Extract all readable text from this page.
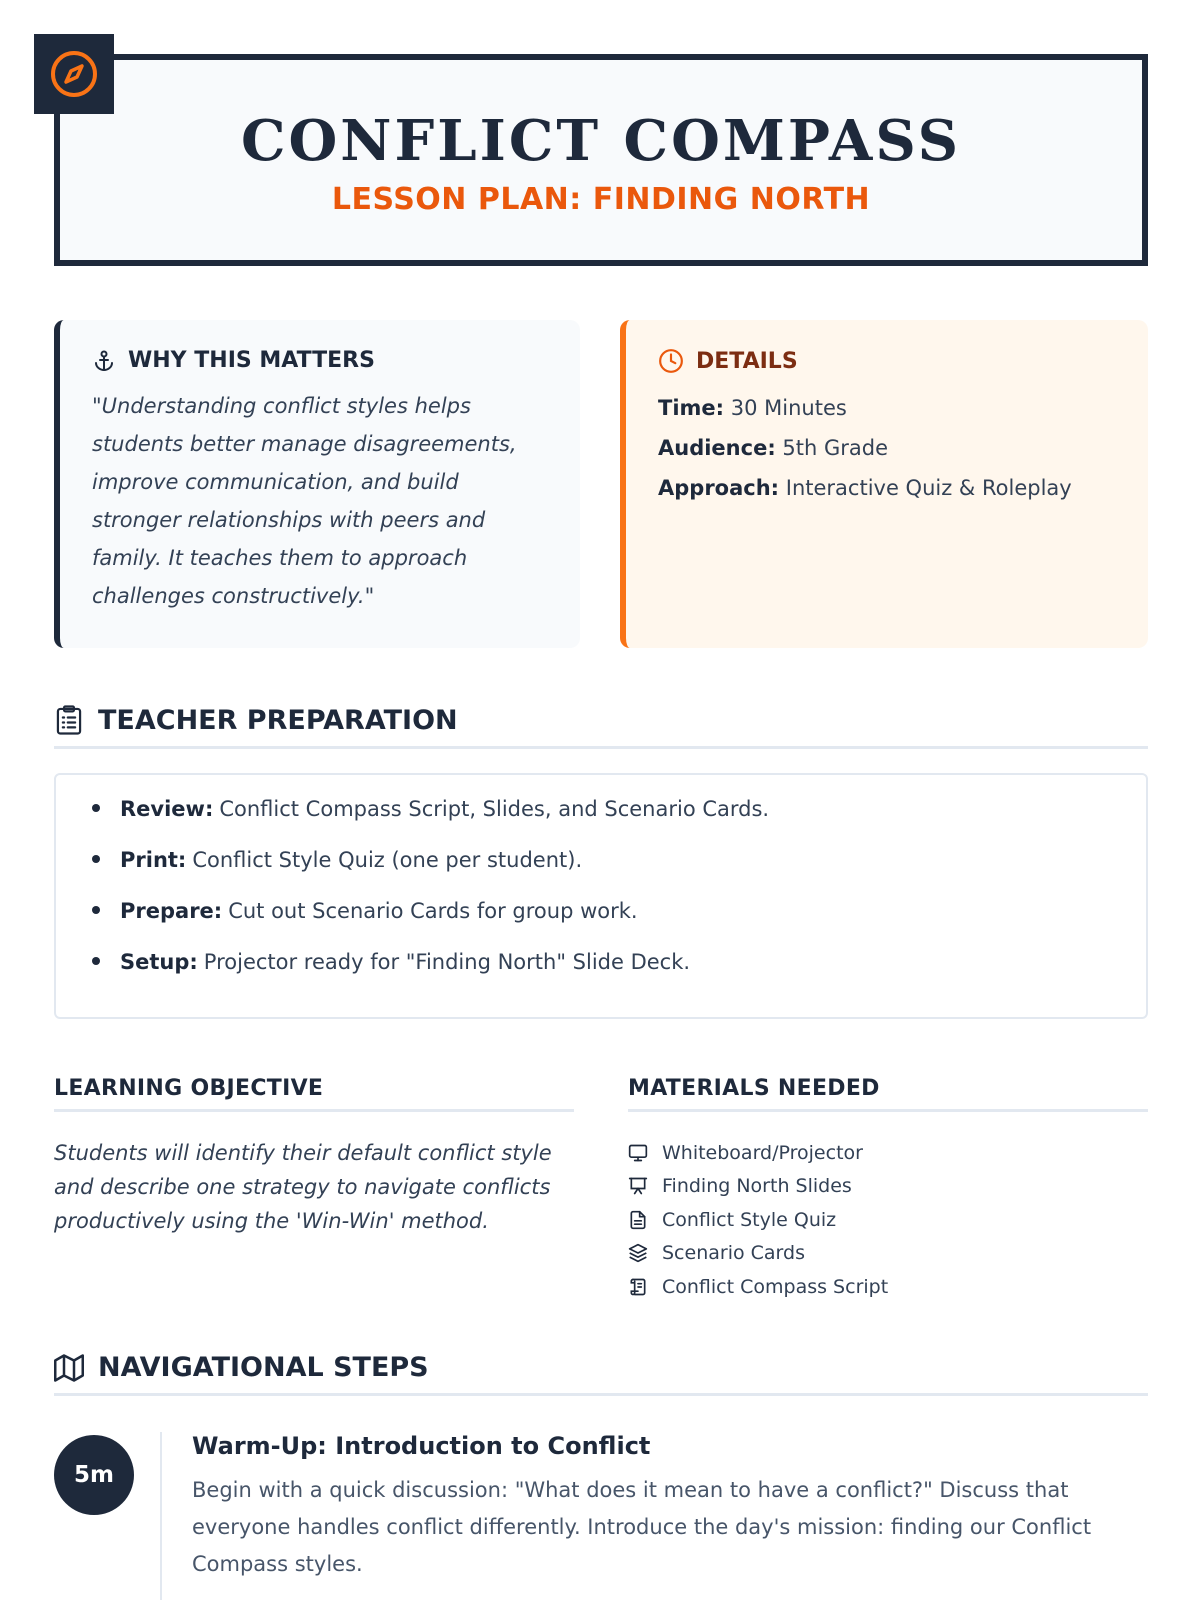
CONFLICT COMPASS
LESSON PLAN: FINDING NORTH
WHY THIS MATTERS

"Understanding conflict styles helps students better manage disagreements, improve communication, and build stronger relationships with peers and family. It teaches them to approach challenges constructively."

DETAILS
Time: 30 Minutes
Audience: 5th Grade
Approach: Interactive Quiz & Roleplay
TEACHER PREPARATION
Review: Conflict Compass Script, Slides, and Scenario Cards.
Print: Conflict Style Quiz (one per student).
Prepare: Cut out Scenario Cards for group work.
Setup: Projector ready for "Finding North" Slide Deck.
LEARNING OBJECTIVE

Students will identify their default conflict style and describe one strategy to navigate conflicts productively using the 'Win-Win' method.

MATERIALS NEEDED
Whiteboard/Projector
Finding North Slides
Conflict Style Quiz
Scenario Cards
Conflict Compass Script
NAVIGATIONAL STEPS
5m
Warm-Up: Introduction to Conflict
Begin with a quick discussion: "What does it mean to have a conflict?" Discuss that everyone handles conflict differently. Introduce the day's mission: finding our Conflict Compass styles.
